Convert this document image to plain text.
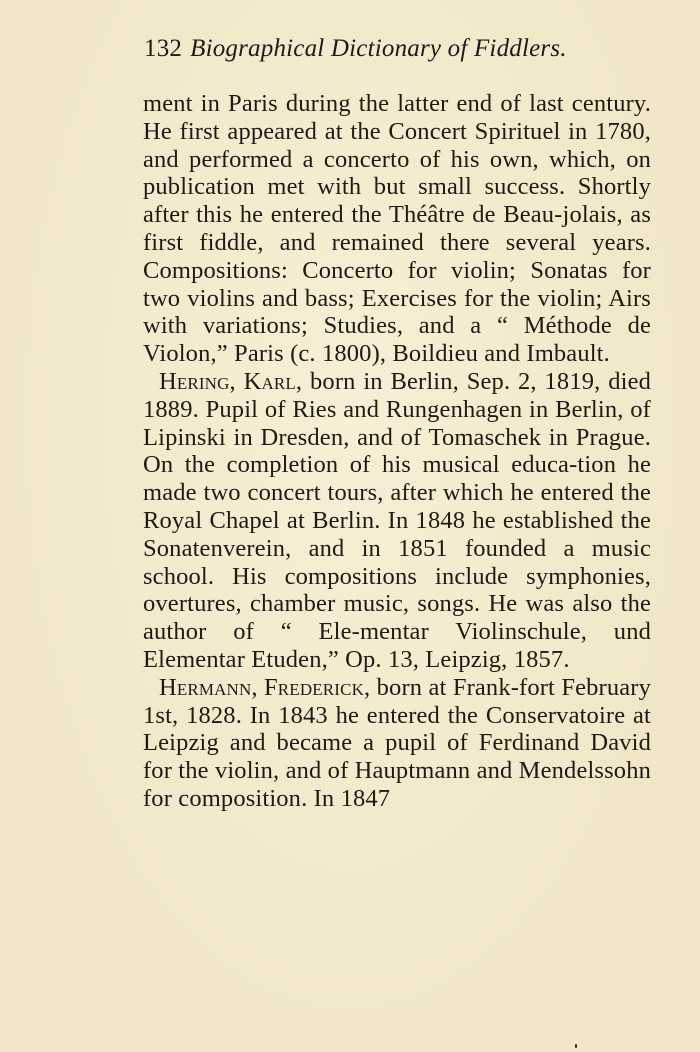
132 Biographical Dictionary of Fiddlers.

ment in Paris during the latter end of last century. He first appeared at the Concert Spirituel in 1780, and performed a concerto of his own, which, on publication met with but small success. Shortly after this he entered the Théâtre de Beau-jolais, as first fiddle, and remained there several years. Compositions: Concerto for violin; Sonatas for two violins and bass; Exercises for the violin; Airs with variations; Studies, and a “ Méthode de Violon,” Paris (c. 1800), Boildieu and Imbault.

Hering, Karl, born in Berlin, Sep. 2, 1819, died 1889. Pupil of Ries and Rungenhagen in Berlin, of Lipinski in Dresden, and of Tomaschek in Prague. On the completion of his musical educa-tion he made two concert tours, after which he entered the Royal Chapel at Berlin. In 1848 he established the Sonatenverein, and in 1851 founded a music school. His compositions include symphonies, overtures, chamber music, songs. He was also the author of “ Ele-mentar Violinschule, und Elementar Etuden,” Op. 13, Leipzig, 1857.

Hermann, Frederick, born at Frank-fort February 1st, 1828. In 1843 he entered the Conservatoire at Leipzig and became a pupil of Ferdinand David for the violin, and of Hauptmann and Mendelssohn for composition. In 1847
